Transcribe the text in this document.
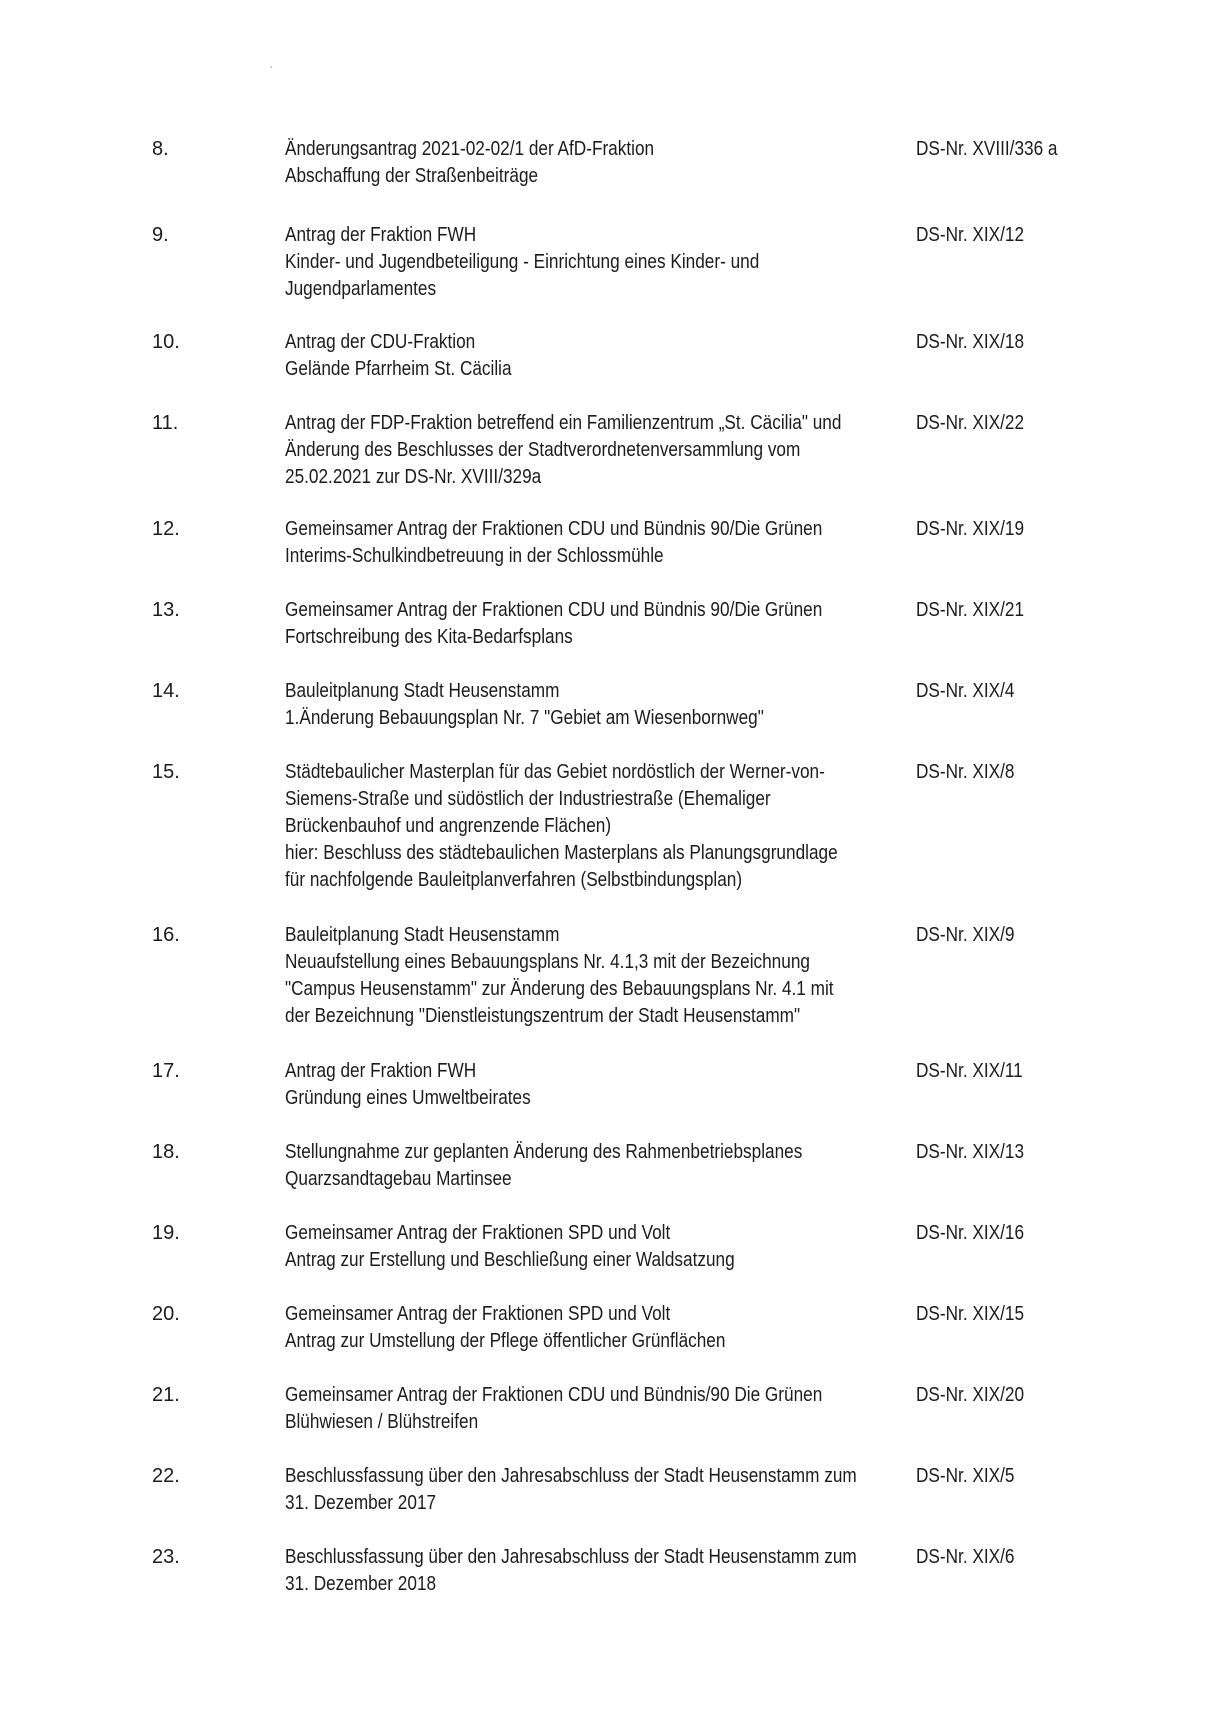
8.	Änderungsantrag 2021-02-02/1 der AfD-Fraktion
Abschaffung der Straßenbeiträge
DS-Nr. XVIII/336 a
9.	Antrag der Fraktion FWH
Kinder- und Jugendbeteiligung - Einrichtung eines Kinder- und
Jugendparlamentes
DS-Nr. XIX/12
10.	Antrag der CDU-Fraktion
Gelände Pfarrheim St. Cäcilia
DS-Nr. XIX/18
11.	Antrag der FDP-Fraktion betreffend ein Familienzentrum „St. Cäcilia" und
Änderung des Beschlusses der Stadtverordnetenversammlung vom
25.02.2021 zur DS-Nr. XVIII/329a
DS-Nr. XIX/22
12.	Gemeinsamer Antrag der Fraktionen CDU und Bündnis 90/Die Grünen
Interims-Schulkindbetreuung in der Schlossmühle
DS-Nr. XIX/19
13.	Gemeinsamer Antrag der Fraktionen CDU und Bündnis 90/Die Grünen
Fortschreibung des Kita-Bedarfsplans
DS-Nr. XIX/21
14.	Bauleitplanung Stadt Heusenstamm
1.Änderung Bebauungsplan Nr. 7 "Gebiet am Wiesenbornweg"
DS-Nr. XIX/4
15.	Städtebaulicher Masterplan für das Gebiet nordöstlich der Werner-von-
Siemens-Straße und südöstlich der Industriestraße (Ehemaliger
Brückenbauhof und angrenzende Flächen)
hier: Beschluss des städtebaulichen Masterplans als Planungsgrundlage
für nachfolgende Bauleitplanverfahren (Selbstbindungsplan)
DS-Nr. XIX/8
16.	Bauleitplanung Stadt Heusenstamm
Neuaufstellung eines Bebauungsplans Nr. 4.1,3 mit der Bezeichnung
"Campus Heusenstamm" zur Änderung des Bebauungsplans Nr. 4.1 mit
der Bezeichnung "Dienstleistungszentrum der Stadt Heusenstamm"
DS-Nr. XIX/9
17.	Antrag der Fraktion FWH
Gründung eines Umweltbeirates
DS-Nr. XIX/11
18.	Stellungnahme zur geplanten Änderung des Rahmenbetriebsplanes
Quarzsandtagebau Martinsee
DS-Nr. XIX/13
19.	Gemeinsamer Antrag der Fraktionen SPD und Volt
Antrag zur Erstellung und Beschließung einer Waldsatzung
DS-Nr. XIX/16
20.	Gemeinsamer Antrag der Fraktionen SPD und Volt
Antrag zur Umstellung der Pflege öffentlicher Grünflächen
DS-Nr. XIX/15
21.	Gemeinsamer Antrag der Fraktionen CDU und Bündnis/90 Die Grünen
Blühwiesen / Blühstreifen
DS-Nr. XIX/20
22.	Beschlussfassung über den Jahresabschluss der Stadt Heusenstamm zum
31. Dezember 2017
DS-Nr. XIX/5
23.	Beschlussfassung über den Jahresabschluss der Stadt Heusenstamm zum
31. Dezember 2018
DS-Nr. XIX/6
